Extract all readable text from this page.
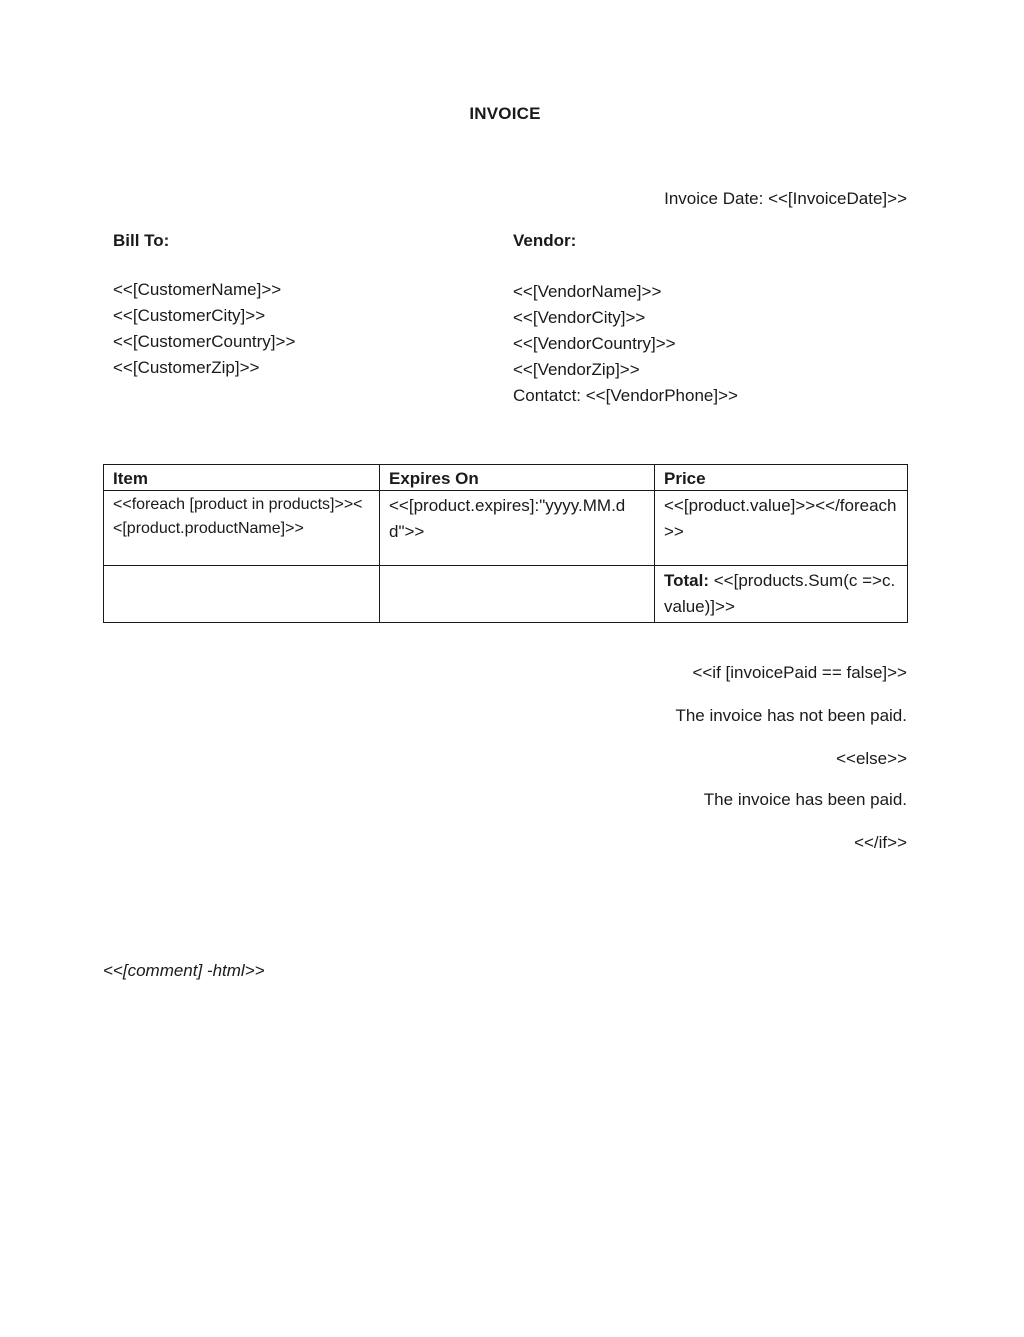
INVOICE
Invoice Date: <<[InvoiceDate]>>
Bill To:
<<[CustomerName]>>
<<[CustomerCity]>>
<<[CustomerCountry]>>
<<[CustomerZip]>>
Vendor:
<<[VendorName]>>
<<[VendorCity]>>
<<[VendorCountry]>>
<<[VendorZip]>>
Contatct: <<[VendorPhone]>>
Item	Expires On	Price
<<foreach [product in products]>><<[product.productName]>>	<<[product.expires]:"yyyy.MM.dd">>	<<[product.value]>><</foreach>>
		Total: <<[products.Sum(c =>c.value)]>>
<<if [invoicePaid == false]>>
The invoice has not been paid.
<<else>>
The invoice has been paid.
<</if>>
<<[comment] -html>>
